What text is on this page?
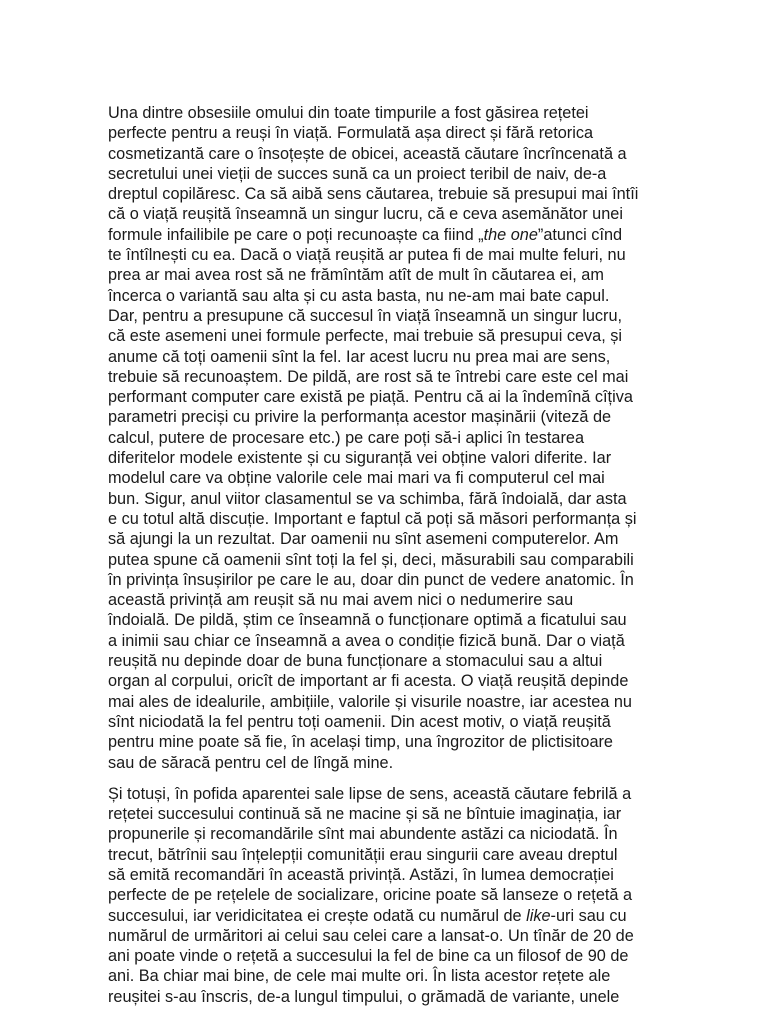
Una dintre obsesiile omului din toate timpurile a fost găsirea rețetei
perfecte pentru a reuși în viață. Formulată așa direct și fără retorica
cosmetizantă care o însoțește de obicei, această căutare încrîncenată a
secretului unei vieții de succes sună ca un proiect teribil de naiv, de-a
dreptul copilăresc. Ca să aibă sens căutarea, trebuie să presupui mai întîi
că o viață reușită înseamnă un singur lucru, că e ceva asemănător unei
formule infailibile pe care o poți recunoaște ca fiind „the one”atunci cînd
te întîlnești cu ea. Dacă o viață reușită ar putea fi de mai multe feluri, nu
prea ar mai avea rost să ne frămîntăm atît de mult în căutarea ei, am
încerca o variantă sau alta și cu asta basta, nu ne-am mai bate capul.
Dar, pentru a presupune că succesul în viață înseamnă un singur lucru,
că este asemeni unei formule perfecte, mai trebuie să presupui ceva, și
anume că toți oamenii sînt la fel. Iar acest lucru nu prea mai are sens,
trebuie să recunoaștem. De pildă, are rost să te întrebi care este cel mai
performant computer care există pe piață. Pentru că ai la îndemînă cîțiva
parametri preciși cu privire la performanța acestor mașinării (viteză de
calcul, putere de procesare etc.) pe care poți să-i aplici în testarea
diferitelor modele existente și cu siguranță vei obține valori diferite. Iar
modelul care va obține valorile cele mai mari va fi computerul cel mai
bun. Sigur, anul viitor clasamentul se va schimba, fără îndoială, dar asta
e cu totul altă discuție. Important e faptul că poți să măsori performanța și
să ajungi la un rezultat. Dar oamenii nu sînt asemeni computerelor. Am
putea spune că oamenii sînt toți la fel și, deci, măsurabili sau comparabili
în privința însușirilor pe care le au, doar din punct de vedere anatomic. În
această privință am reușit să nu mai avem nici o nedumerire sau
îndoială. De pildă, știm ce înseamnă o funcționare optimă a ficatului sau
a inimii sau chiar ce înseamnă a avea o condiție fizică bună. Dar o viață
reușită nu depinde doar de buna funcționare a stomacului sau a altui
organ al corpului, oricît de important ar fi acesta. O viață reușită depinde
mai ales de idealurile, ambițiile, valorile și visurile noastre, iar acestea nu
sînt niciodată la fel pentru toți oamenii. Din acest motiv, o viață reușită
pentru mine poate să fie, în același timp, una îngrozitor de plictisitoare
sau de săracă pentru cel de lîngă mine.
Și totuși, în pofida aparentei sale lipse de sens, această căutare febrilă a
rețetei succesului continuă să ne macine și să ne bîntuie imaginația, iar
propunerile și recomandările sînt mai abundente astăzi ca niciodată. În
trecut, bătrînii sau înțelepții comunității erau singurii care aveau dreptul
să emită recomandări în această privință. Astăzi, în lumea democrației
perfecte de pe rețelele de socializare, oricine poate să lanseze o rețetă a
succesului, iar veridicitatea ei crește odată cu numărul de like-uri sau cu
numărul de urmăritori ai celui sau celei care a lansat-o. Un tînăr de 20 de
ani poate vinde o rețetă a succesului la fel de bine ca un filosof de 90 de
ani. Ba chiar mai bine, de cele mai multe ori. În lista acestor rețete ale
reușitei s-au înscris, de-a lungul timpului, o grămadă de variante, unele
